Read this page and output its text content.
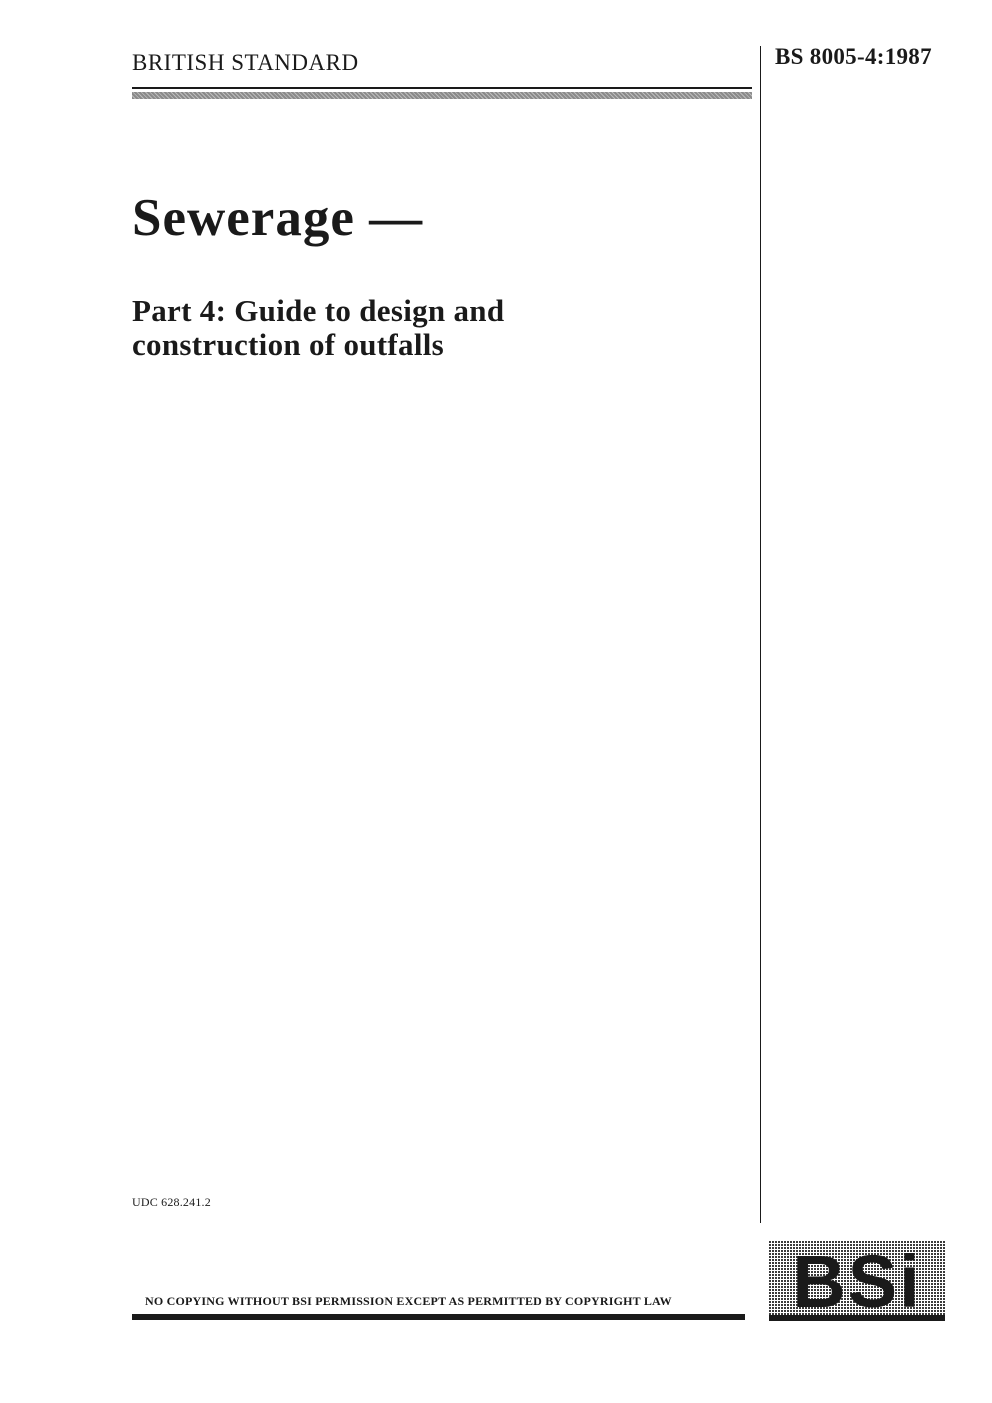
BRITISH STANDARD	BS 8005-4:1987
Sewerage —
Part 4: Guide to design and
construction of outfalls
UDC 628.241.2
NO COPYING WITHOUT BSI PERMISSION EXCEPT AS PERMITTED BY COPYRIGHT LAW BSi
